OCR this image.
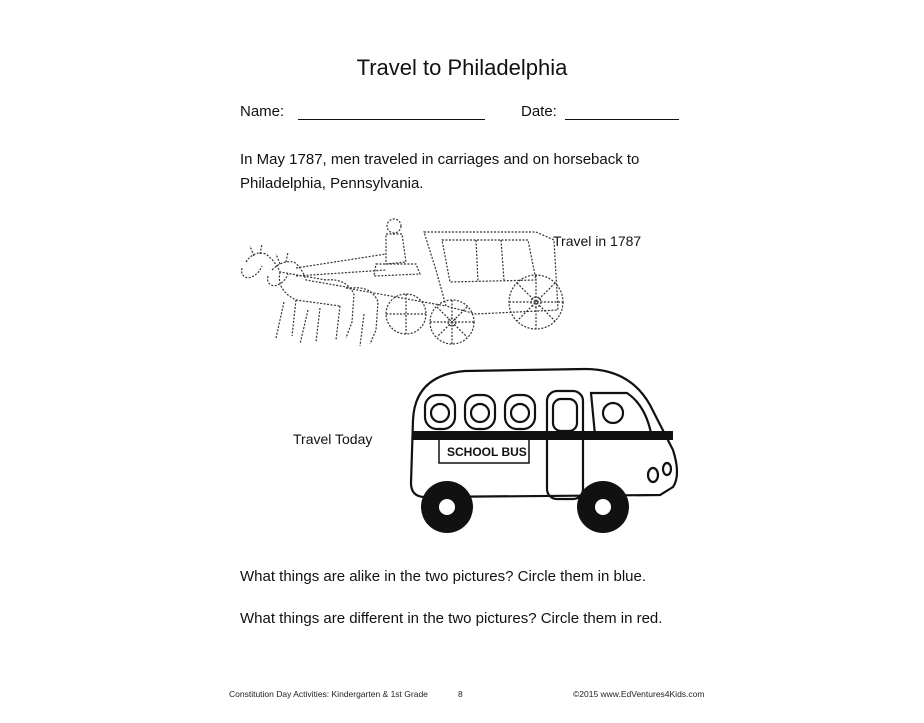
Travel to Philadelphia
Name:	Date:
In May 1787, men traveled in carriages and on horseback to
Philadelphia, Pennsylvania.
Travel in 1787
Travel Today
SCHOOL BUS
What things are alike in the two pictures? Circle them in blue.
What things are different in the two pictures? Circle them in red.
Constitution Day Activities: Kindergarten & 1st Grade	8	©2015 www.EdVentures4Kids.com
